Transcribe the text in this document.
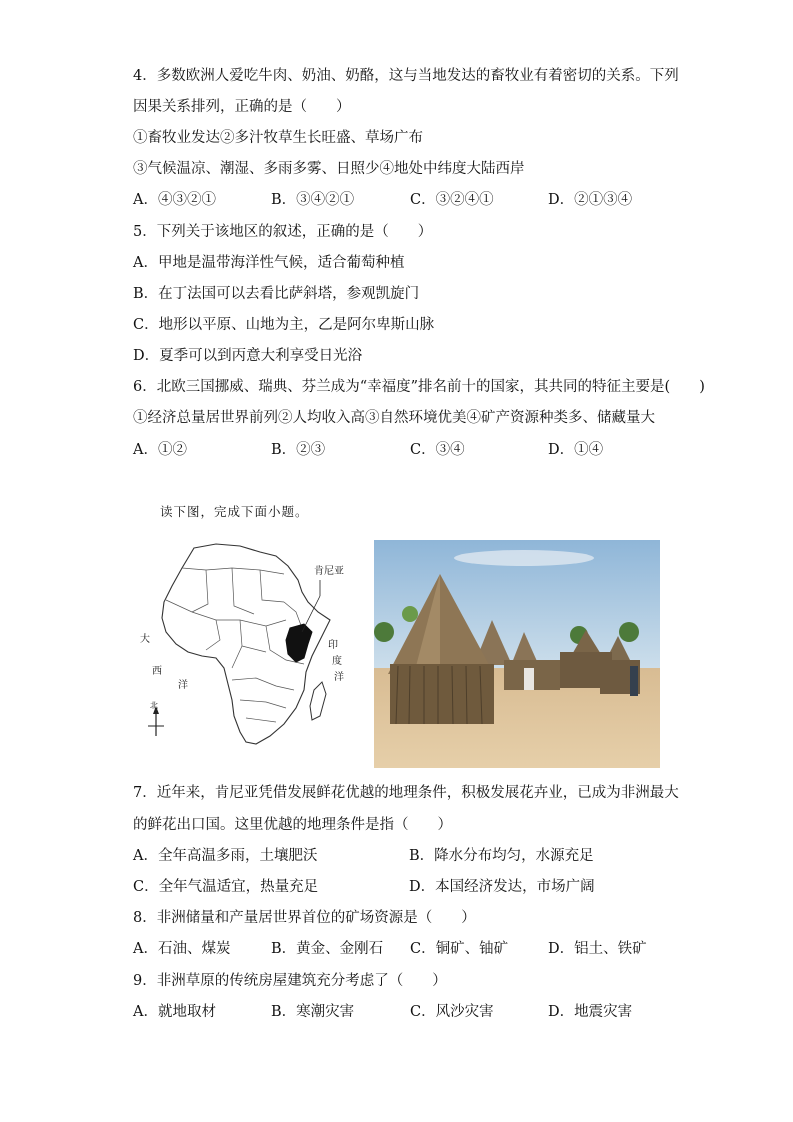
4．多数欧洲人爱吃牛肉、奶油、奶酪，这与当地发达的畜牧业有着密切的关系。下列
因果关系排列，正确的是（　　）
①畜牧业发达②多汁牧草生长旺盛、草场广布
③气候温凉、潮湿、多雨多雾、日照少④地处中纬度大陆西岸
A．④③②①	B．③④②①	C．③②④①	D．②①③④
5．下列关于该地区的叙述，正确的是（　　）
A．甲地是温带海洋性气候，适合葡萄种植
B．在丁法国可以去看比萨斜塔，参观凯旋门
C．地形以平原、山地为主，乙是阿尔卑斯山脉
D．夏季可以到丙意大利享受日光浴
6．北欧三国挪威、瑞典、芬兰成为“幸福度”排名前十的国家，其共同的特征主要是(　　)
①经济总量居世界前列②人均收入高③自然环境优美④矿产资源种类多、储藏量大
A．①②	B．②③	C．③④	D．①④
读下图，完成下面小题。
肯尼亚
大
西
洋
印
度
洋
北
7．近年来，肯尼亚凭借发展鲜花优越的地理条件，积极发展花卉业，已成为非洲最大
的鲜花出口国。这里优越的地理条件是指（　　）
A．全年高温多雨，土壤肥沃	B．降水分布均匀，水源充足
C．全年气温适宜，热量充足	D．本国经济发达，市场广阔
8．非洲储量和产量居世界首位的矿场资源是（　　）
A．石油、煤炭	B．黄金、金刚石 C．铜矿、铀矿	D．铝土、铁矿
9．非洲草原的传统房屋建筑充分考虑了（　　）
A．就地取材	B．寒潮灾害	C．风沙灾害	D．地震灾害
